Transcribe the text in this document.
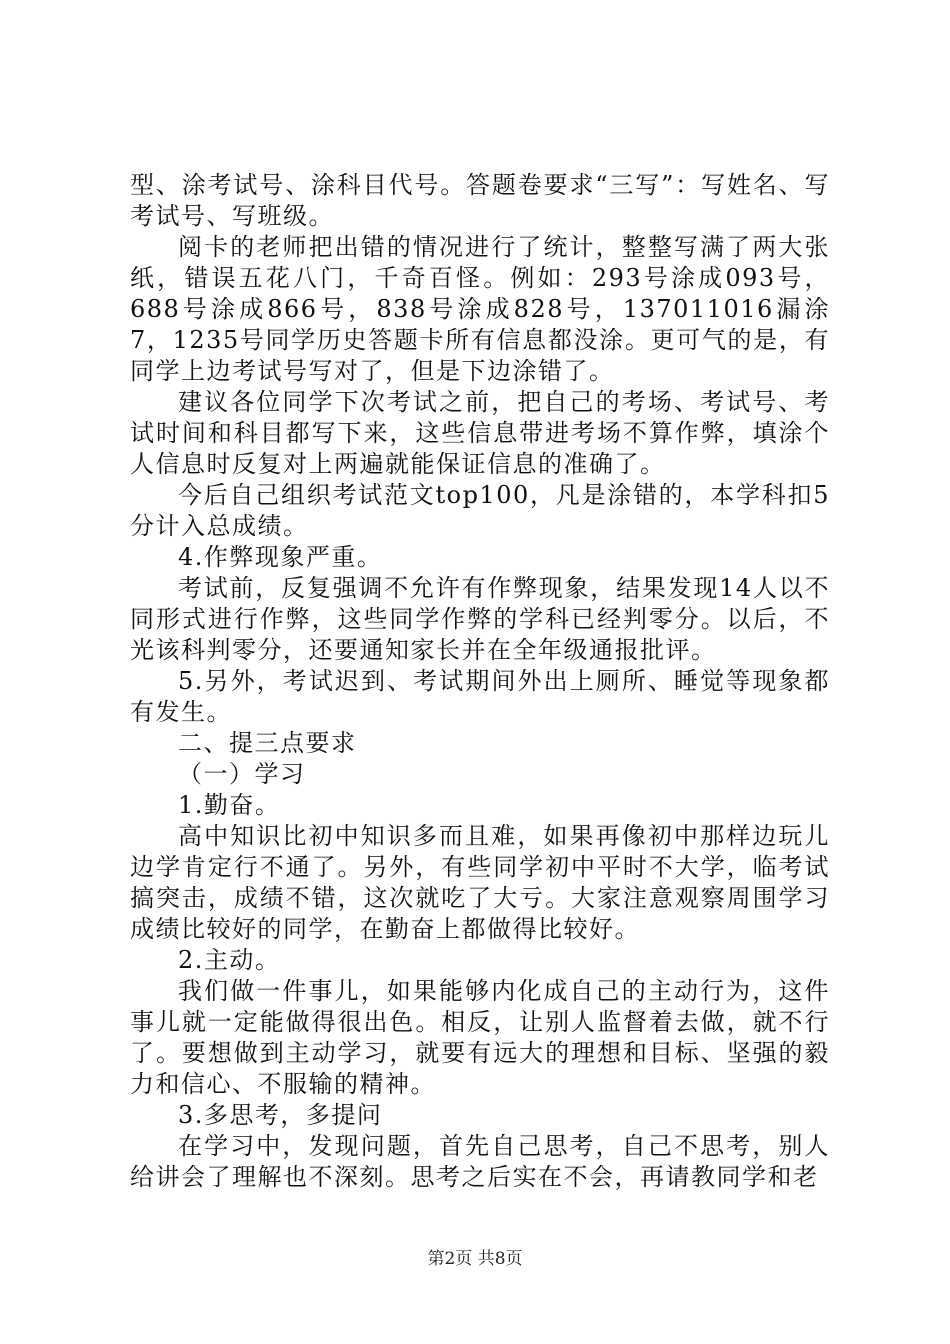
型、涂考试号、涂科目代号。答题卷要求“三写”：写姓名、写考试号、写班级。

阅卡的老师把出错的情况进行了统计，整整写满了两大张纸，错误五花八门，千奇百怪。例如：293号涂成093号，688号涂成866号，838号涂成828号，137011016漏涂7，1235号同学历史答题卡所有信息都没涂。更可气的是，有同学上边考试号写对了，但是下边涂错了。

建议各位同学下次考试之前，把自己的考场、考试号、考试时间和科目都写下来，这些信息带进考场不算作弊，填涂个人信息时反复对上两遍就能保证信息的准确了。

今后自己组织考试范文top100，凡是涂错的，本学科扣5分计入总成绩。

4.作弊现象严重。

考试前，反复强调不允许有作弊现象，结果发现14人以不同形式进行作弊，这些同学作弊的学科已经判零分。以后，不光该科判零分，还要通知家长并在全年级通报批评。

5.另外，考试迟到、考试期间外出上厕所、睡觉等现象都有发生。

二、提三点要求

（一）学习

1.勤奋。

高中知识比初中知识多而且难，如果再像初中那样边玩儿边学肯定行不通了。另外，有些同学初中平时不大学，临考试搞突击，成绩不错，这次就吃了大亏。大家注意观察周围学习成绩比较好的同学，在勤奋上都做得比较好。

2.主动。

我们做一件事儿，如果能够内化成自己的主动行为，这件事儿就一定能做得很出色。相反，让别人监督着去做，就不行了。要想做到主动学习，就要有远大的理想和目标、坚强的毅力和信心、不服输的精神。

3.多思考，多提问

在学习中，发现问题，首先自己思考，自己不思考，别人给讲会了理解也不深刻。思考之后实在不会，再请教同学和老

第2页 共8页
